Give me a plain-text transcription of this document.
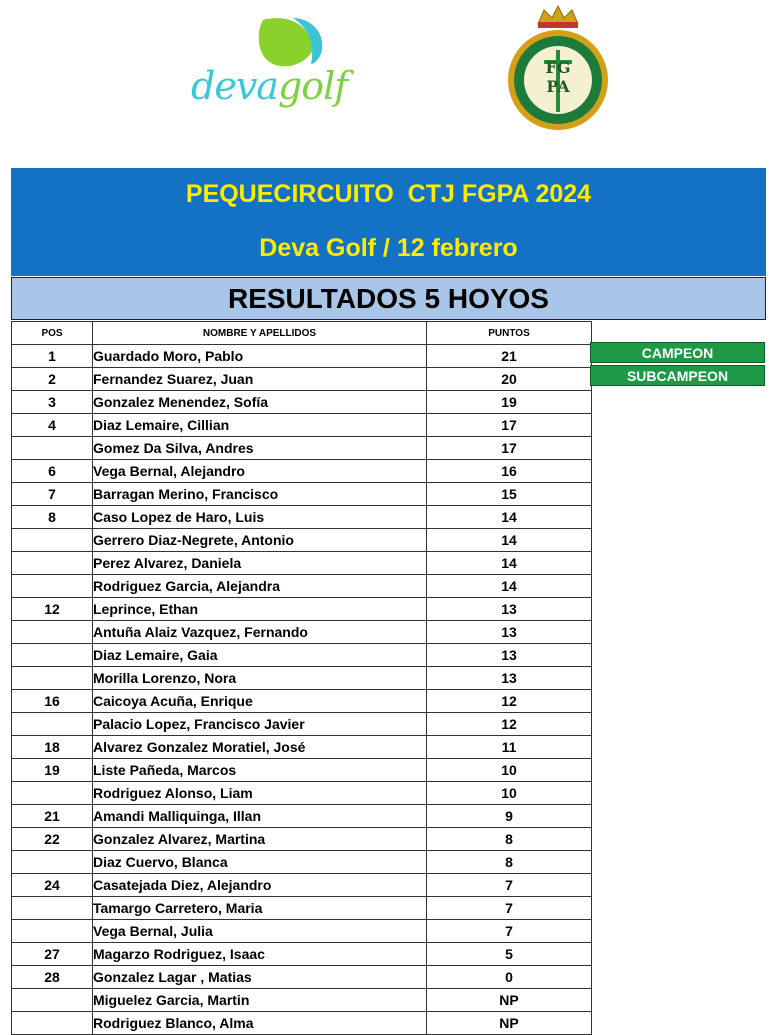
devagolf	FG PA
PEQUECIRCUITO  CTJ FGPA 2024
Deva Golf / 12 febrero
RESULTADOS 5 HOYOS
POS	NOMBRE Y APELLIDOS	PUNTOS
1	Guardado Moro, Pablo	21
2	Fernandez Suarez, Juan	20
3	Gonzalez Menendez, Sofía	19
4	Diaz Lemaire, Cillian	17
	Gomez Da Silva, Andres	17
6	Vega Bernal, Alejandro	16
7	Barragan Merino, Francisco	15
8	Caso Lopez de Haro, Luis	14
	Gerrero Diaz-Negrete, Antonio	14
	Perez Alvarez, Daniela	14
	Rodriguez Garcia, Alejandra	14
12	Leprince, Ethan	13
	Antuña Alaiz Vazquez, Fernando	13
	Diaz Lemaire, Gaia	13
	Morilla Lorenzo, Nora	13
16	Caicoya Acuña, Enrique	12
	Palacio Lopez, Francisco Javier	12
18	Alvarez Gonzalez Moratiel, José	11
19	Liste Pañeda, Marcos	10
	Rodriguez Alonso, Liam	10
21	Amandi Malliquinga, Illan	9
22	Gonzalez Alvarez, Martina	8
	Diaz Cuervo, Blanca	8
24	Casatejada Diez, Alejandro	7
	Tamargo Carretero, Maria	7
	Vega Bernal, Julia	7
27	Magarzo Rodriguez, Isaac	5
28	Gonzalez Lagar , Matias	0
	Miguelez Garcia, Martin	NP
	Rodriguez Blanco, Alma	NP
CAMPEON
SUBCAMPEON
